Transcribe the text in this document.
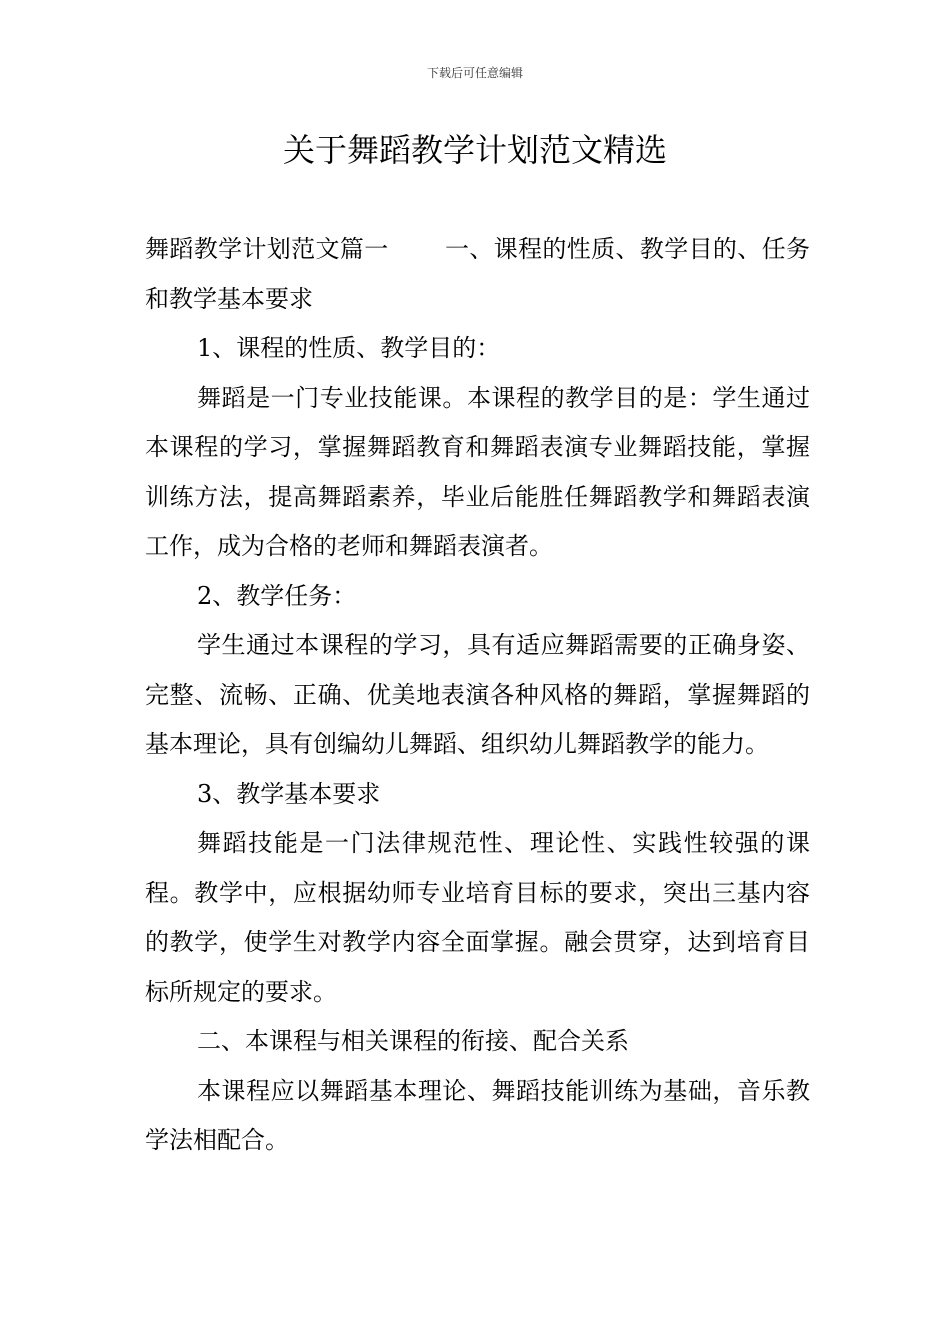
下载后可任意编辑
关于舞蹈教学计划范文精选

舞蹈教学计划范文篇一 一、课程的性质、教学目的、任务和教学基本要求

1、课程的性质、教学目的：

舞蹈是一门专业技能课。本课程的教学目的是：学生通过本课程的学习，掌握舞蹈教育和舞蹈表演专业舞蹈技能，掌握训练方法，提高舞蹈素养，毕业后能胜任舞蹈教学和舞蹈表演工作，成为合格的老师和舞蹈表演者。

2、教学任务：

学生通过本课程的学习，具有适应舞蹈需要的正确身姿、完整、流畅、正确、优美地表演各种风格的舞蹈，掌握舞蹈的基本理论，具有创编幼儿舞蹈、组织幼儿舞蹈教学的能力。

3、教学基本要求

舞蹈技能是一门法律规范性、理论性、实践性较强的课程。教学中，应根据幼师专业培育目标的要求，突出三基内容的教学，使学生对教学内容全面掌握。融会贯穿，达到培育目标所规定的要求。

二、本课程与相关课程的衔接、配合关系

本课程应以舞蹈基本理论、舞蹈技能训练为基础，音乐教学法相配合。
